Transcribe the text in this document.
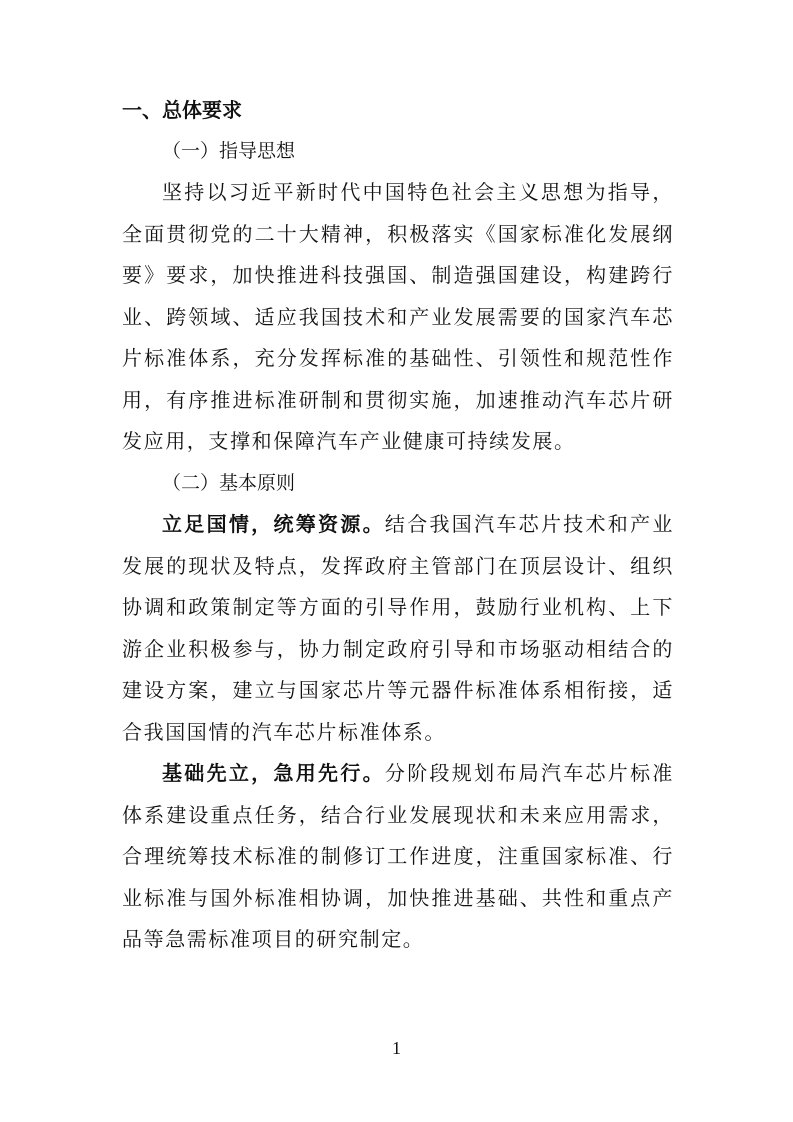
一、总体要求
（一）指导思想

坚持以习近平新时代中国特色社会主义思想为指导，全面贯彻党的二十大精神，积极落实《国家标准化发展纲要》要求，加快推进科技强国、制造强国建设，构建跨行业、跨领域、适应我国技术和产业发展需要的国家汽车芯片标准体系，充分发挥标准的基础性、引领性和规范性作用，有序推进标准研制和贯彻实施，加速推动汽车芯片研发应用，支撑和保障汽车产业健康可持续发展。

（二）基本原则

立足国情，统筹资源。结合我国汽车芯片技术和产业发展的现状及特点，发挥政府主管部门在顶层设计、组织协调和政策制定等方面的引导作用，鼓励行业机构、上下游企业积极参与，协力制定政府引导和市场驱动相结合的建设方案，建立与国家芯片等元器件标准体系相衔接，适合我国国情的汽车芯片标准体系。

基础先立，急用先行。分阶段规划布局汽车芯片标准体系建设重点任务，结合行业发展现状和未来应用需求，合理统筹技术标准的制修订工作进度，注重国家标准、行业标准与国外标准相协调，加快推进基础、共性和重点产品等急需标准项目的研究制定。

1
